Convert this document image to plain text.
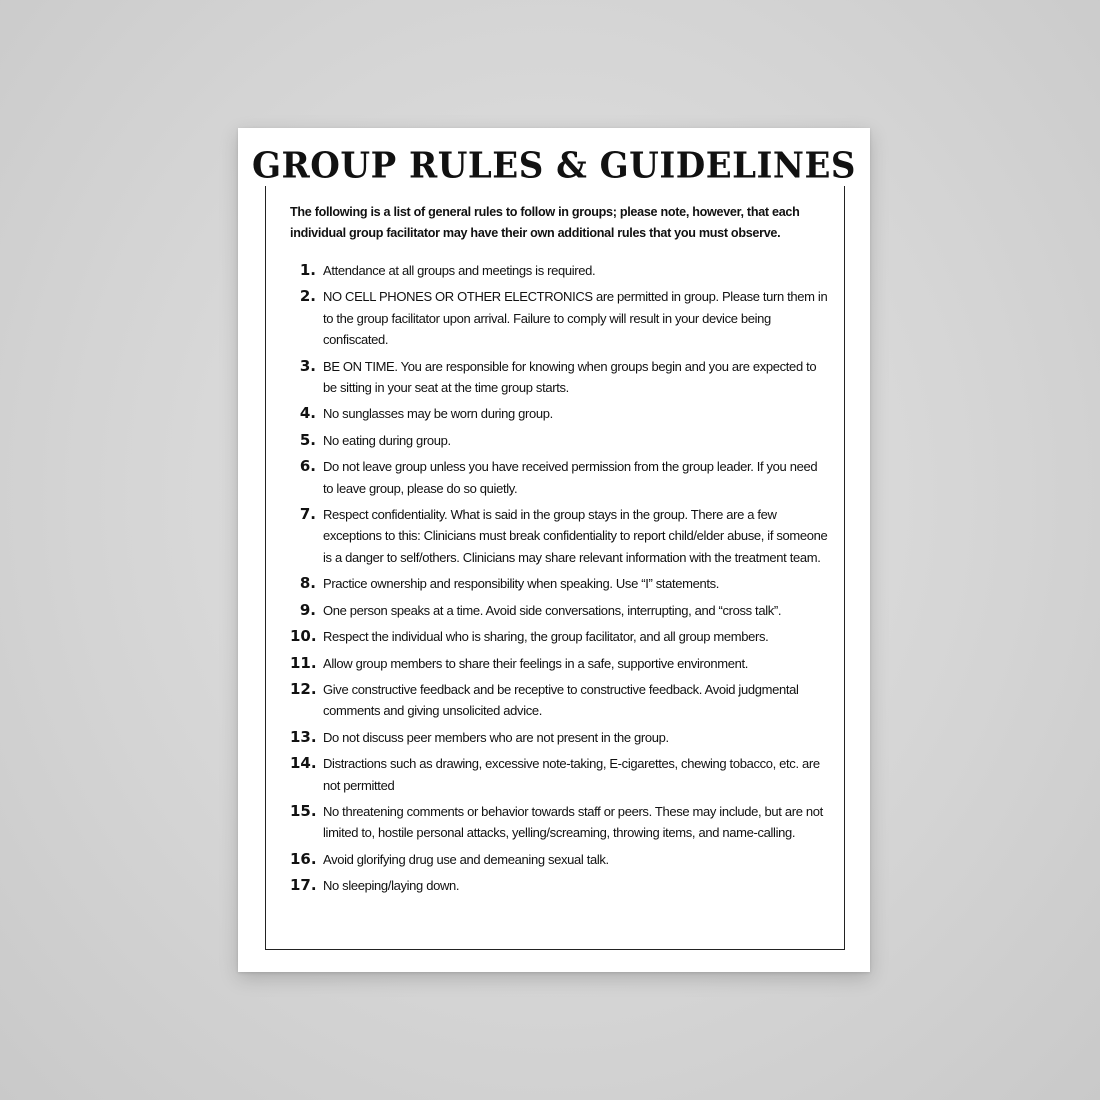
GROUP RULES & GUIDELINES
The following is a list of general rules to follow in groups; please note, however, that each individual group facilitator may have their own additional rules that you must observe.
1. Attendance at all groups and meetings is required.
2. NO CELL PHONES OR OTHER ELECTRONICS are permitted in group. Please turn them in to the group facilitator upon arrival. Failure to comply will result in your device being confiscated.
3. BE ON TIME. You are responsible for knowing when groups begin and you are expected to be sitting in your seat at the time group starts.
4. No sunglasses may be worn during group.
5. No eating during group.
6. Do not leave group unless you have received permission from the group leader. If you need to leave group, please do so quietly.
7. Respect confidentiality. What is said in the group stays in the group. There are a few exceptions to this: Clinicians must break confidentiality to report child/elder abuse, if someone is a danger to self/others. Clinicians may share relevant information with the treatment team.
8. Practice ownership and responsibility when speaking. Use “I” statements.
9. One person speaks at a time. Avoid side conversations, interrupting, and “cross talk”.
10. Respect the individual who is sharing, the group facilitator, and all group members.
11. Allow group members to share their feelings in a safe, supportive environment.
12. Give constructive feedback and be receptive to constructive feedback. Avoid judgmental comments and giving unsolicited advice.
13. Do not discuss peer members who are not present in the group.
14. Distractions such as drawing, excessive note-taking, E-cigarettes, chewing tobacco, etc. are not permitted
15. No threatening comments or behavior towards staff or peers. These may include, but are not limited to, hostile personal attacks, yelling/screaming, throwing items, and name-calling.
16. Avoid glorifying drug use and demeaning sexual talk.
17. No sleeping/laying down.
